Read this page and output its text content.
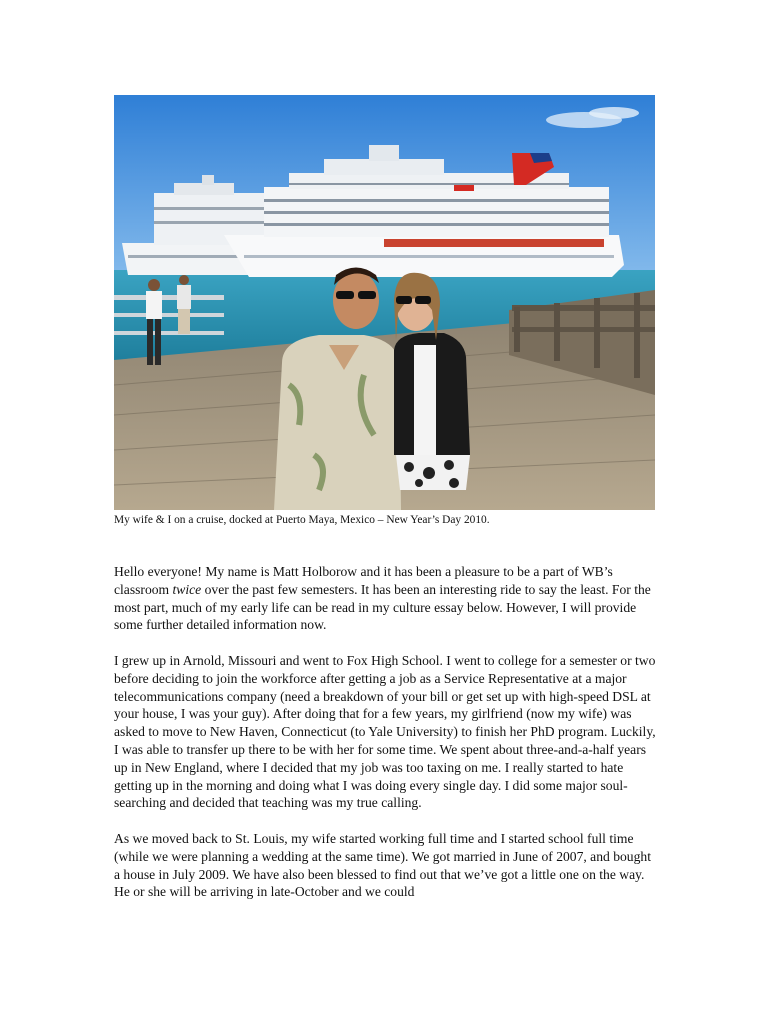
My wife & I on a cruise, docked at Puerto Maya, Mexico – New Year’s Day 2010.

Hello everyone! My name is Matt Holborow and it has been a pleasure to be a part of WB’s classroom twice over the past few semesters. It has been an interesting ride to say the least. For the most part, much of my early life can be read in my culture essay below. However, I will provide some further detailed information now.

I grew up in Arnold, Missouri and went to Fox High School. I went to college for a semester or two before deciding to join the workforce after getting a job as a Service Representative at a major telecommunications company (need a breakdown of your bill or get set up with high-speed DSL at your house, I was your guy). After doing that for a few years, my girlfriend (now my wife) was asked to move to New Haven, Connecticut (to Yale University) to finish her PhD program. Luckily, I was able to transfer up there to be with her for some time. We spent about three-and-a-half years up in New England, where I decided that my job was too taxing on me. I really started to hate getting up in the morning and doing what I was doing every single day. I did some major soul-searching and decided that teaching was my true calling.

As we moved back to St. Louis, my wife started working full time and I started school full time (while we were planning a wedding at the same time). We got married in June of 2007, and bought a house in July 2009. We have also been blessed to find out that we’ve got a little one on the way. He or she will be arriving in late-October and we could
